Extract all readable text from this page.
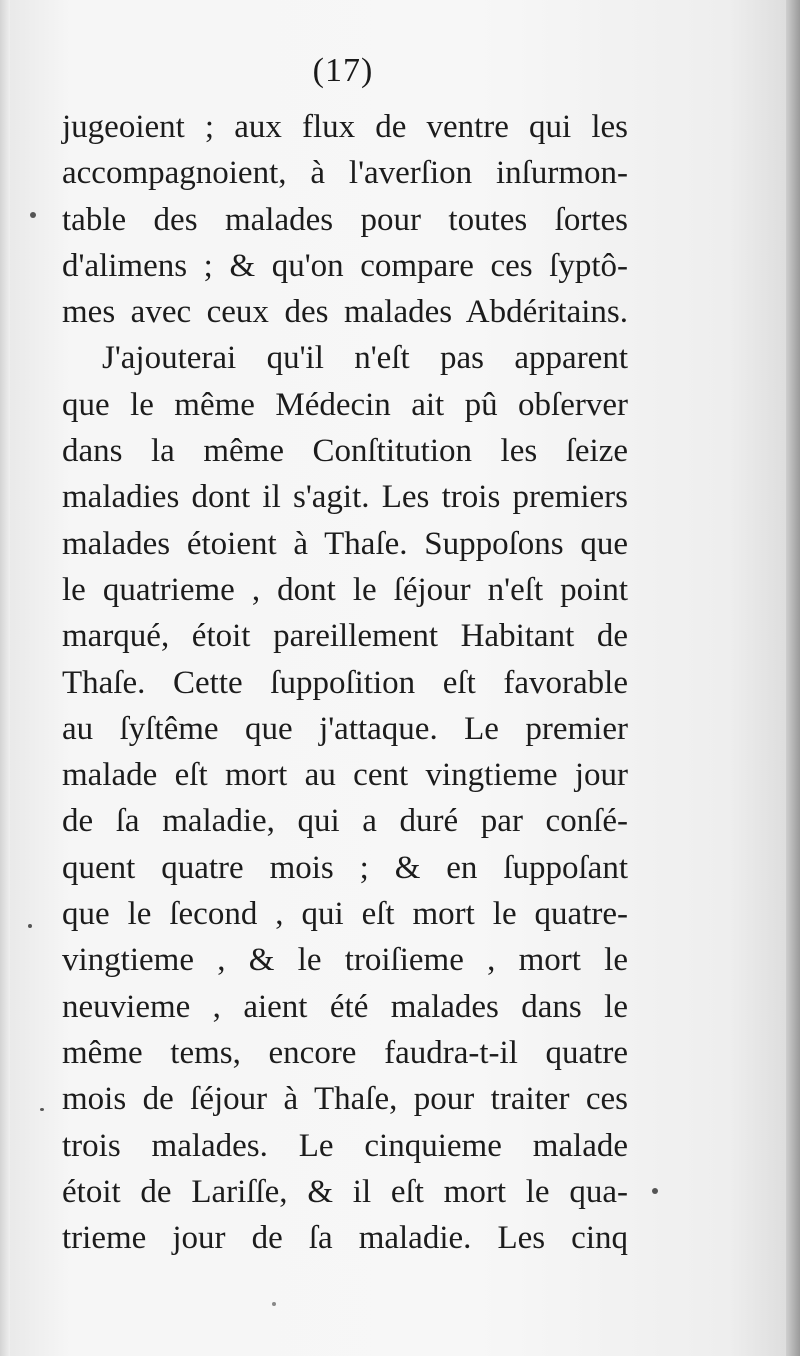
(17)
jugeoient ; aux flux de ventre qui les
accompagnoient, à l'averſion inſurmon-
table des malades pour toutes ſortes
d'alimens ; & qu'on compare ces ſyptô-
mes avec ceux des malades Abdéritains.
J'ajouterai qu'il n'eſt pas apparent
que le même Médecin ait pû obſerver
dans la même Conſtitution les ſeize
maladies dont il s'agit. Les trois premiers
malades étoient à Thaſe. Suppoſons que
le quatrieme , dont le ſéjour n'eſt point
marqué, étoit pareillement Habitant de
Thaſe. Cette ſuppoſition eſt favorable
au ſyſtême que j'attaque. Le premier
malade eſt mort au cent vingtieme jour
de ſa maladie, qui a duré par conſé-
quent quatre mois ; & en ſuppoſant
que le ſecond , qui eſt mort le quatre-
vingtieme , & le troiſieme , mort le
neuvieme , aient été malades dans le
même tems, encore faudra-t-il quatre
mois de ſéjour à Thaſe, pour traiter ces
trois malades. Le cinquieme malade
étoit de Lariſſe, & il eſt mort le qua-
trieme jour de ſa maladie. Les cinq
